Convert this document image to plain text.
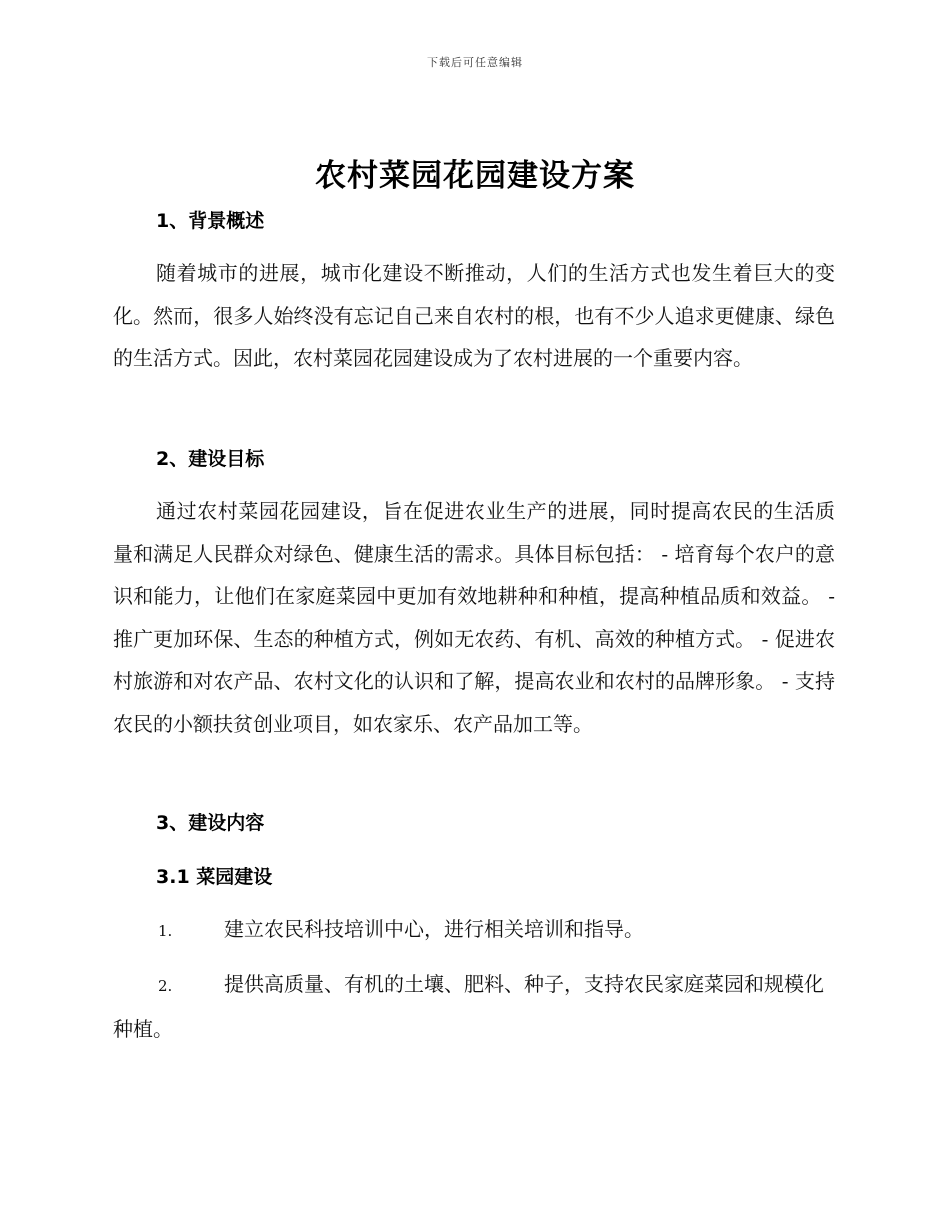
下载后可任意编辑
农村菜园花园建设方案
1、背景概述

随着城市的进展，城市化建设不断推动，人们的生活方式也发生着巨大的变化。然而，很多人始终没有忘记自己来自农村的根，也有不少人追求更健康、绿色的生活方式。因此，农村菜园花园建设成为了农村进展的一个重要内容。

2、建设目标

通过农村菜园花园建设，旨在促进农业生产的进展，同时提高农民的生活质量和满足人民群众对绿色、健康生活的需求。具体目标包括： - 培育每个农户的意识和能力，让他们在家庭菜园中更加有效地耕种和种植，提高种植品质和效益。 - 推广更加环保、生态的种植方式，例如无农药、有机、高效的种植方式。 - 促进农村旅游和对农产品、农村文化的认识和了解，提高农业和农村的品牌形象。 - 支持农民的小额扶贫创业项目，如农家乐、农产品加工等。

3、建设内容
3.1 菜园建设

1.	建立农民科技培训中心，进行相关培训和指导。

2.	提供高质量、有机的土壤、肥料、种子，支持农民家庭菜园和规模化种植。
